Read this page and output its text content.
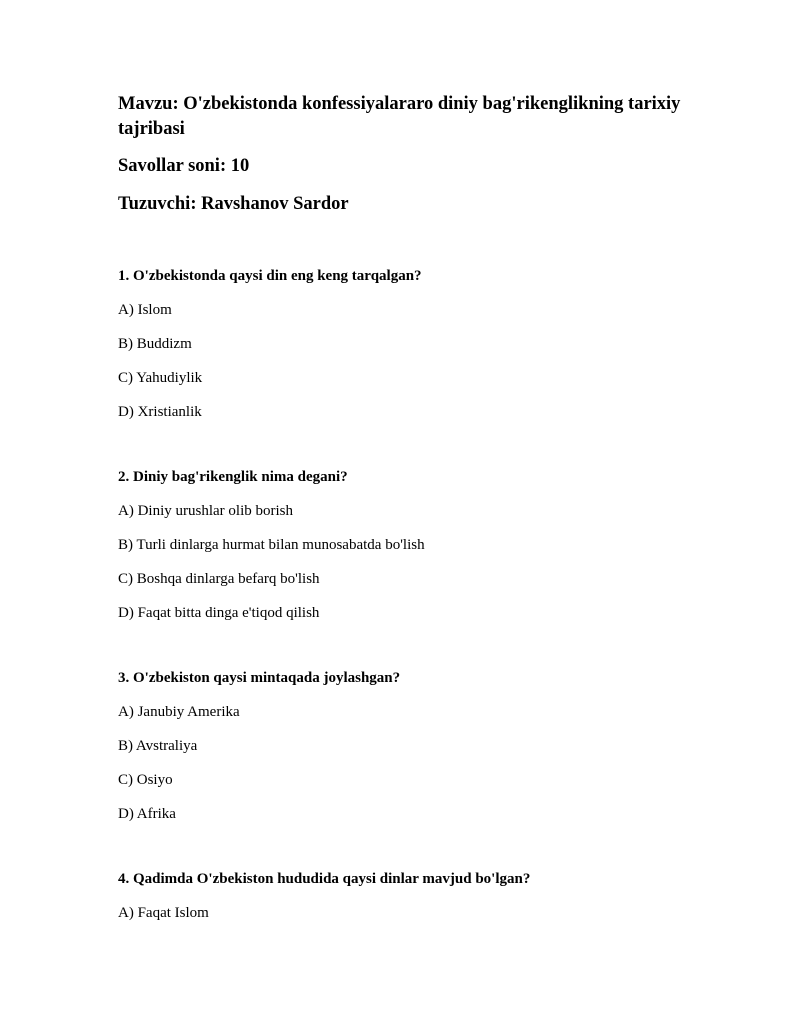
Mavzu: O'zbekistonda konfessiyalararo diniy bag'rikenglikning tarixiy tajribasi

Savollar soni: 10

Tuzuvchi: Ravshanov Sardor

1. O'zbekistonda qaysi din eng keng tarqalgan?

A) Islom

B) Buddizm

C) Yahudiylik

D) Xristianlik

2. Diniy bag'rikenglik nima degani?

A) Diniy urushlar olib borish

B) Turli dinlarga hurmat bilan munosabatda bo'lish

C) Boshqa dinlarga befarq bo'lish

D) Faqat bitta dinga e'tiqod qilish

3. O'zbekiston qaysi mintaqada joylashgan?

A) Janubiy Amerika

B) Avstraliya

C) Osiyo

D) Afrika

4. Qadimda O'zbekiston hududida qaysi dinlar mavjud bo'lgan?

A) Faqat Islom
